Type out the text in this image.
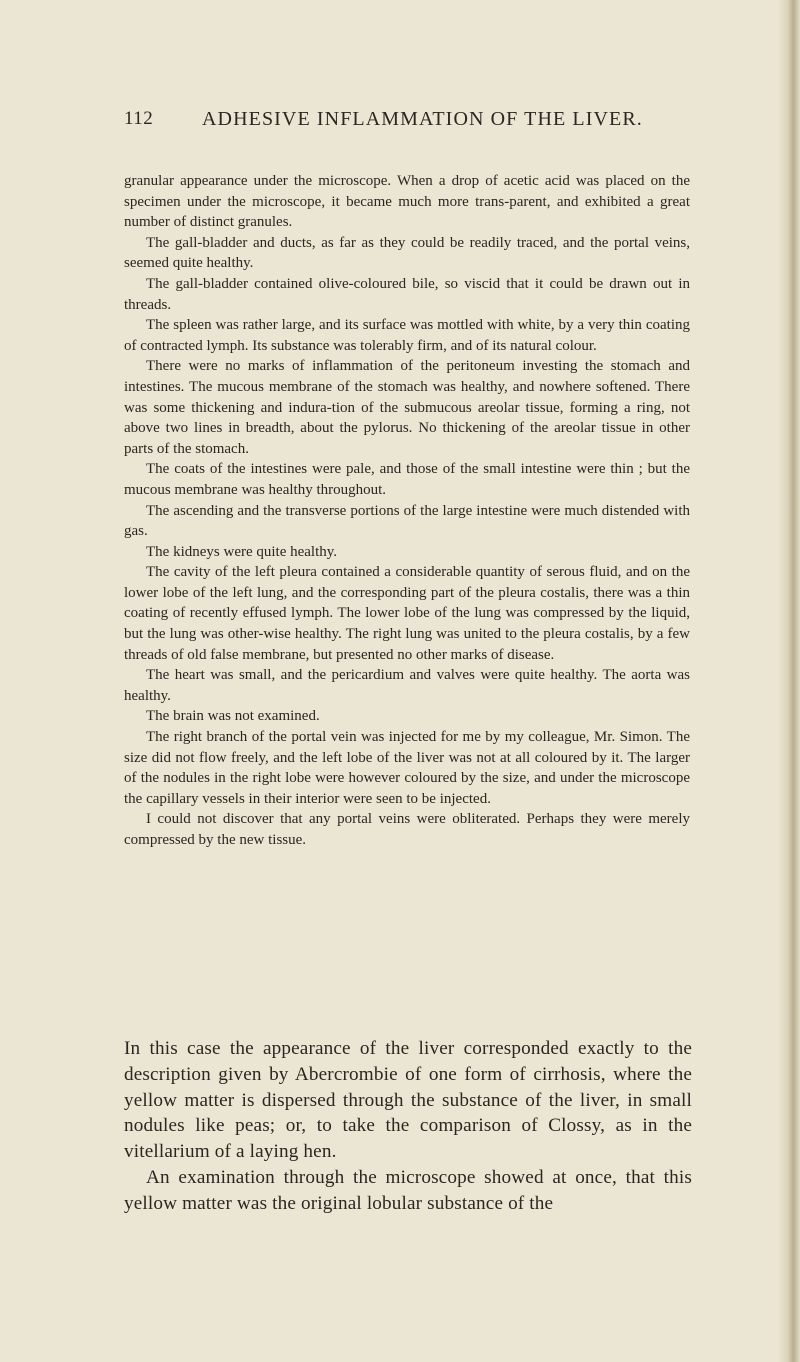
112 ADHESIVE INFLAMMATION OF THE LIVER.

granular appearance under the microscope. When a drop of acetic acid was placed on the specimen under the microscope, it became much more trans-parent, and exhibited a great number of distinct granules.

The gall-bladder and ducts, as far as they could be readily traced, and the portal veins, seemed quite healthy.

The gall-bladder contained olive-coloured bile, so viscid that it could be drawn out in threads.

The spleen was rather large, and its surface was mottled with white, by a very thin coating of contracted lymph. Its substance was tolerably firm, and of its natural colour.

There were no marks of inflammation of the peritoneum investing the stomach and intestines. The mucous membrane of the stomach was healthy, and nowhere softened. There was some thickening and indura-tion of the submucous areolar tissue, forming a ring, not above two lines in breadth, about the pylorus. No thickening of the areolar tissue in other parts of the stomach.

The coats of the intestines were pale, and those of the small intestine were thin ; but the mucous membrane was healthy throughout.

The ascending and the transverse portions of the large intestine were much distended with gas.

The kidneys were quite healthy.

The cavity of the left pleura contained a considerable quantity of serous fluid, and on the lower lobe of the left lung, and the corresponding part of the pleura costalis, there was a thin coating of recently effused lymph. The lower lobe of the lung was compressed by the liquid, but the lung was other-wise healthy. The right lung was united to the pleura costalis, by a few threads of old false membrane, but presented no other marks of disease.

The heart was small, and the pericardium and valves were quite healthy. The aorta was healthy.

The brain was not examined.

The right branch of the portal vein was injected for me by my colleague, Mr. Simon. The size did not flow freely, and the left lobe of the liver was not at all coloured by it. The larger of the nodules in the right lobe were however coloured by the size, and under the microscope the capillary vessels in their interior were seen to be injected.

I could not discover that any portal veins were obliterated. Perhaps they were merely compressed by the new tissue.

In this case the appearance of the liver corresponded exactly to the description given by Abercrombie of one form of cirrhosis, where the yellow matter is dispersed through the substance of the liver, in small nodules like peas; or, to take the comparison of Clossy, as in the vitellarium of a laying hen.

An examination through the microscope showed at once, that this yellow matter was the original lobular substance of the
